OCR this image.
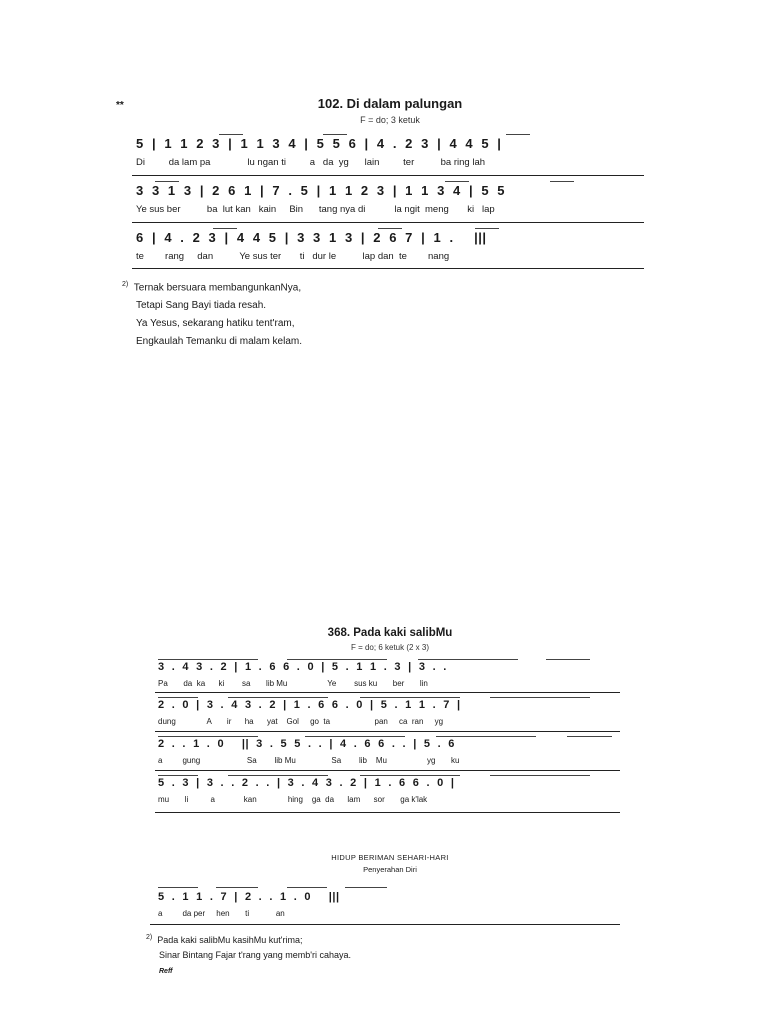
**	102. Di dalam palungan
F = do; 3 ketuk
5  |  1  1  2  3  |  1  1  3  4  |  5  5  6  |  4  .  2  3  |  4  4  5  |
Di         da lam pa              lu ngan ti         a   da  yg      lain         ter          ba ring lah
3  3  1  3  |  2  6  1  |  7  .  5  |  1  1  2  3  |  1  1  3  4  |  5  5
Ye sus ber          ba  lut kan   kain     Bin      tang nya di           la ngit  meng       ki   lap
6  |  4  .  2  3  |  4  4  5  |  3  3  1  3  |  2  6  7  |  1  .     |||
te        rang     dan          Ye sus ter       ti   dur le          lap dan  te        nang
$^{2)}$ Ternak bersuara membangunkanNya,
Tetapi Sang Bayi tiada resah.
Ya Yesus, sekarang hatiku tent'ram,
Engkaulah Temanku di malam kelam.
368. Pada kaki salibMu
F = do; 6 ketuk (2 x 3)
3  .  4  3  .  2  |  1  .  6  6  .  0  |  5  .  1  1  .  3  |  3  .  .
Pa       da  ka      ki        sa       lib Mu                  Ye        sus ku       ber       lin
2  .  0  |  3  .  4  3  .  2  |  1  .  6  6  .  0  |  5  .  1  1  .  7  |
dung              A       ir      ha      yat    Gol     go  ta                    pan     ca  ran     yg
2  .  .  1  .  0     ||  3  .  5  5  .  .  |  4  .  6  6  .  .  |  5  .  6
a         gung                     Sa        lib Mu                Sa        lib    Mu                  yg       ku
5  .  3  |  3  .  .  2  .  .  |  3  .  4  3  .  2  |  1  .  6  6  .  0  |
mu       li          a             kan              hing    ga  da      lam      sor       ga k'lak
HIDUP BERIMAN SEHARI-HARI
Penyerahan Diri
5  .  1  1  .  7  |  2  .  .  1  .  0     |||
a         da per     hen       ti            an
$^{2)}$ Pada kaki salibMu kasihMu kut'rima;
Sinar Bintang Fajar t'rang yang memb'ri cahaya.
Reff
